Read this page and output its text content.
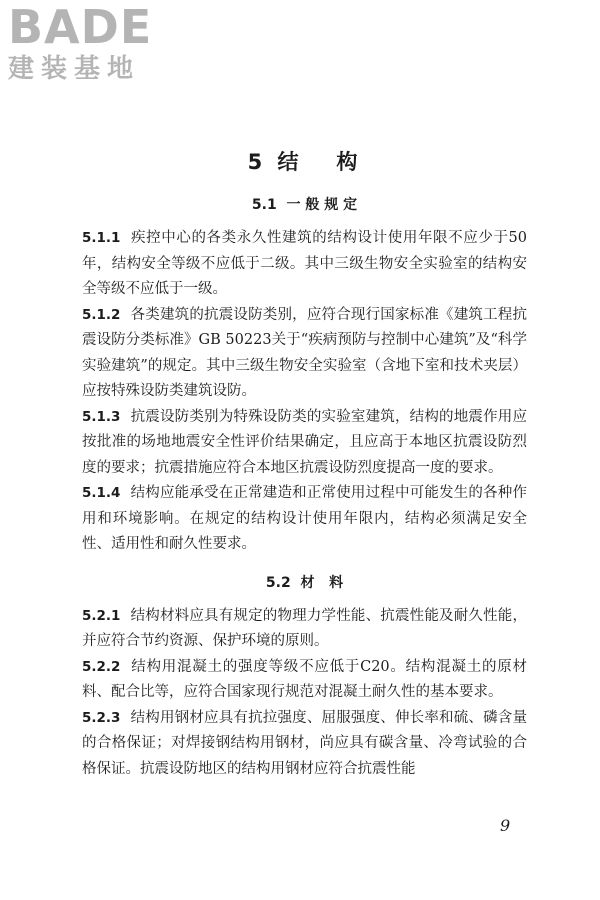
BADE
建装基地
5 结   构
5.1  一 般 规 定

5.1.1 疾控中心的各类永久性建筑的结构设计使用年限不应少于50年，结构安全等级不应低于二级。其中三级生物安全实验室的结构安全等级不应低于一级。

5.1.2 各类建筑的抗震设防类别，应符合现行国家标准《建筑工程抗震设防分类标准》GB 50223关于“疾病预防与控制中心建筑”及“科学实验建筑”的规定。其中三级生物安全实验室（含地下室和技术夹层）应按特殊设防类建筑设防。

5.1.3 抗震设防类别为特殊设防类的实验室建筑，结构的地震作用应按批准的场地地震安全性评价结果确定，且应高于本地区抗震设防烈度的要求；抗震措施应符合本地区抗震设防烈度提高一度的要求。

5.1.4 结构应能承受在正常建造和正常使用过程中可能发生的各种作用和环境影响。在规定的结构设计使用年限内，结构必须满足安全性、适用性和耐久性要求。

5.2  材   料

5.2.1 结构材料应具有规定的物理力学性能、抗震性能及耐久性能，并应符合节约资源、保护环境的原则。

5.2.2 结构用混凝土的强度等级不应低于C20。结构混凝土的原材料、配合比等，应符合国家现行规范对混凝土耐久性的基本要求。

5.2.3 结构用钢材应具有抗拉强度、屈服强度、伸长率和硫、磷含量的合格保证；对焊接钢结构用钢材，尚应具有碳含量、冷弯试验的合格保证。抗震设防地区的结构用钢材应符合抗震性能

9
